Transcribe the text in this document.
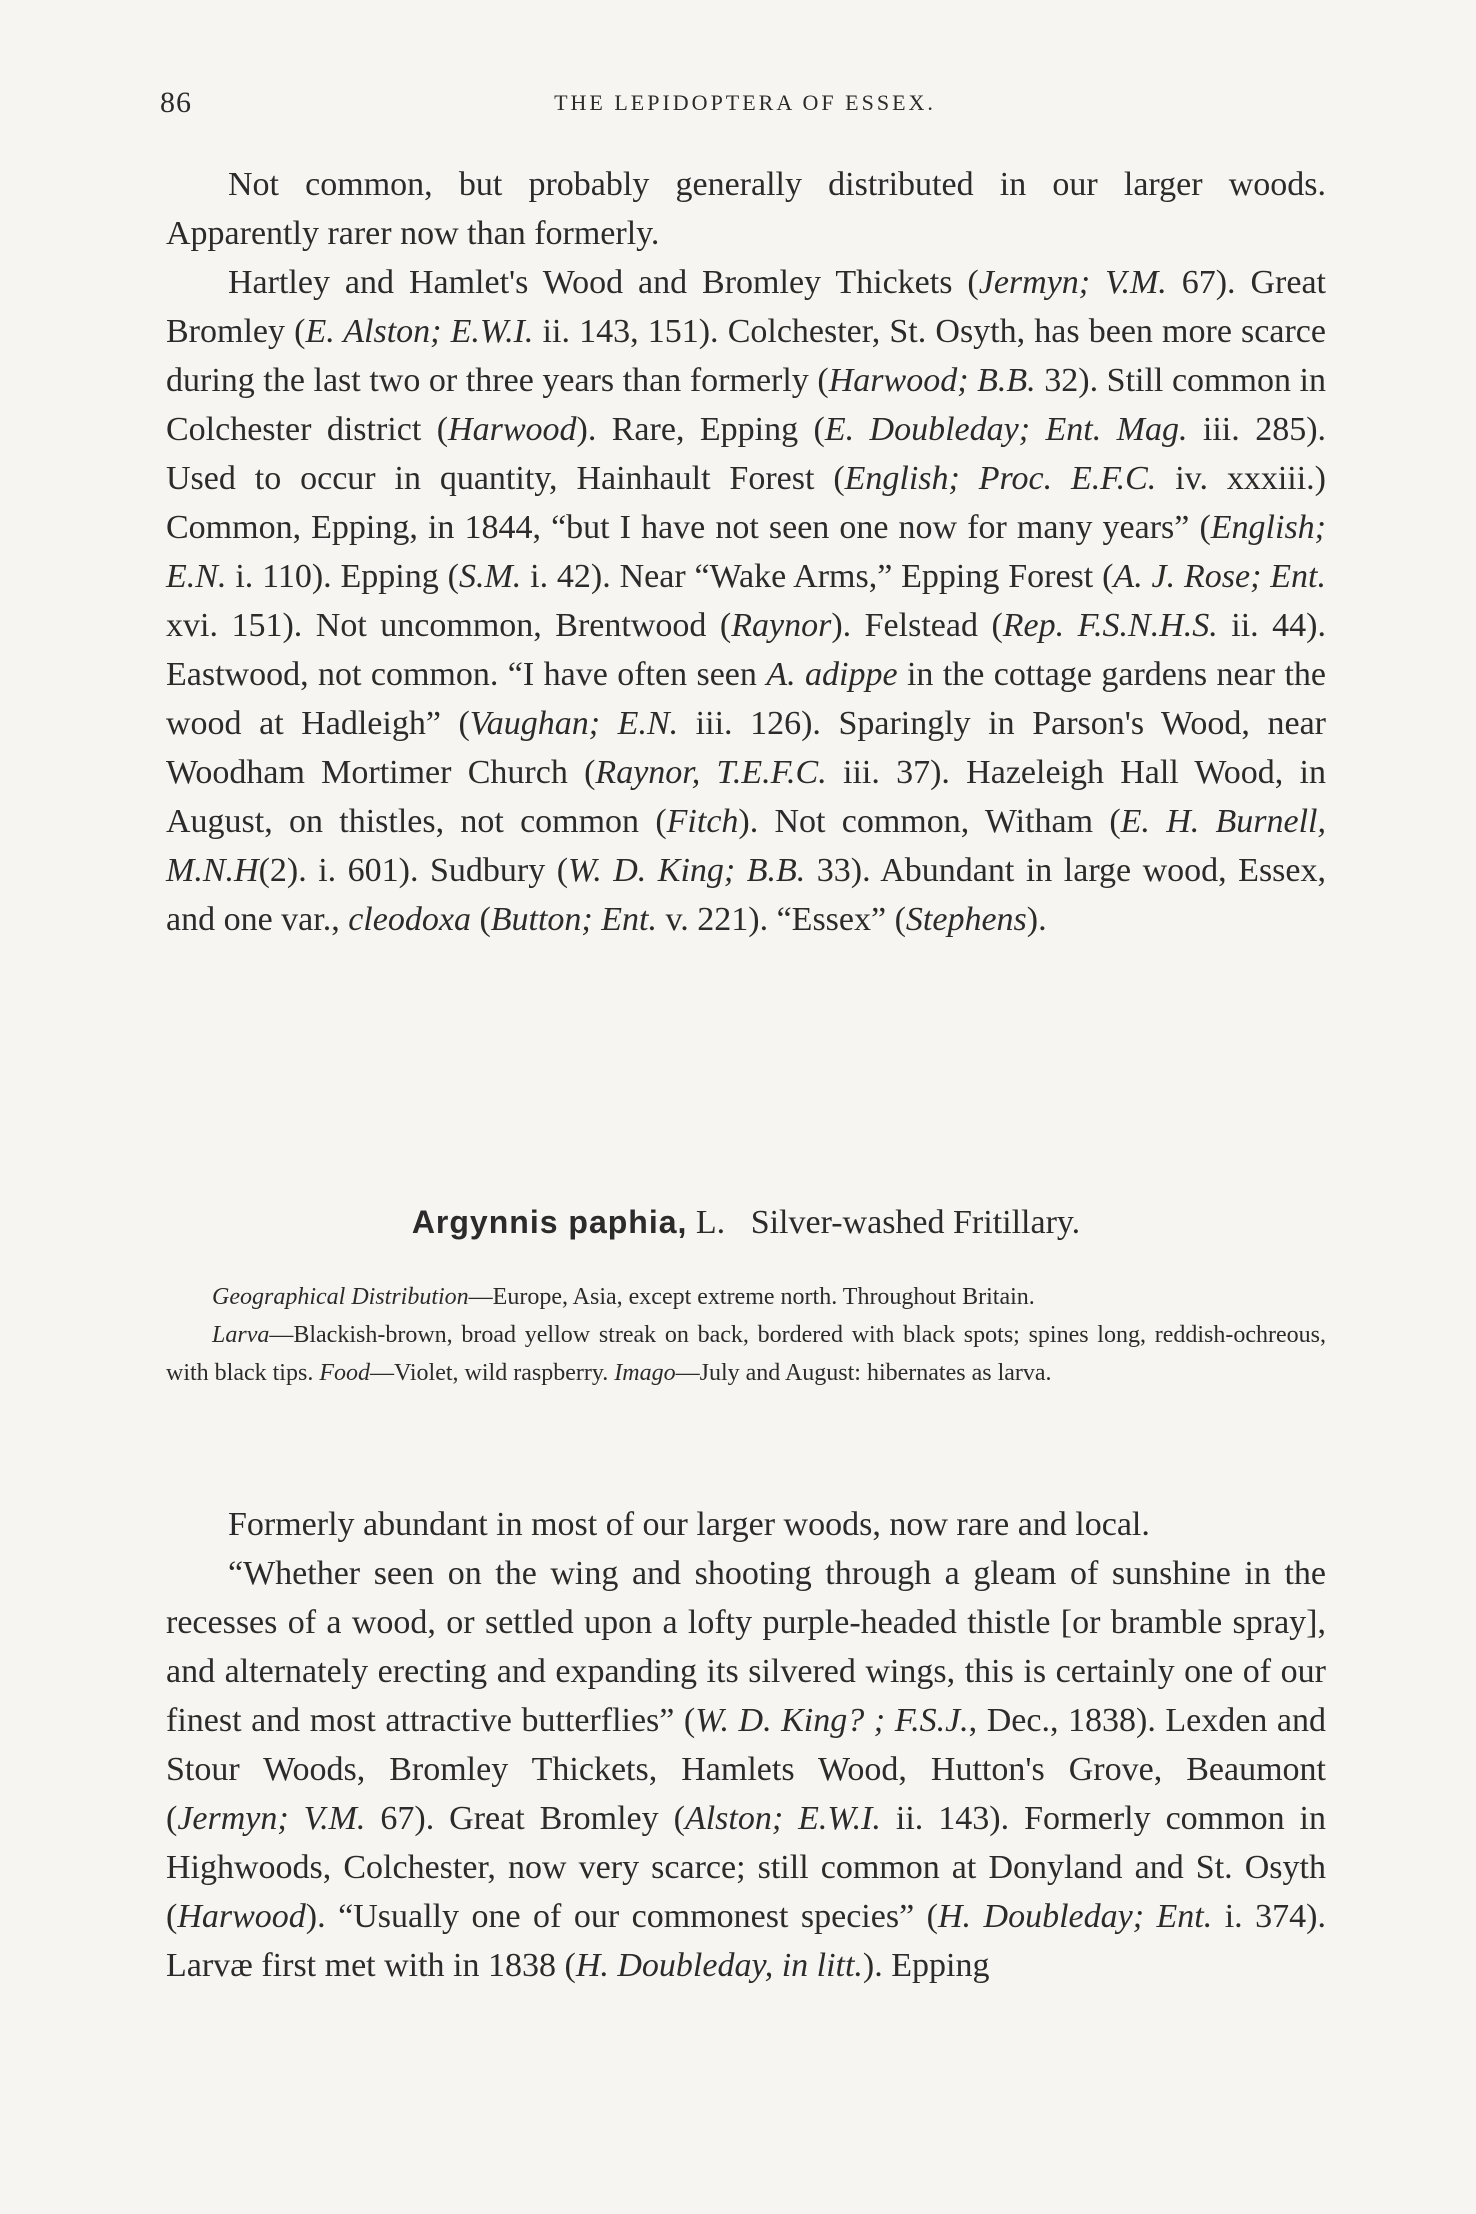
86	THE LEPIDOPTERA OF ESSEX.

Not common, but probably generally distributed in our larger woods. Apparently rarer now than formerly.

Hartley and Hamlet's Wood and Bromley Thickets (Jermyn; V.M. 67). Great Bromley (E. Alston; E.W.I. ii. 143, 151). Colchester, St. Osyth, has been more scarce during the last two or three years than formerly (Harwood; B.B. 32). Still common in Colchester district (Harwood). Rare, Epping (E. Doubleday; Ent. Mag. iii. 285). Used to occur in quantity, Hainhault Forest (English; Proc. E.F.C. iv. xxxiii.) Common, Epping, in 1844, “but I have not seen one now for many years” (English; E.N. i. 110). Epping (S.M. i. 42). Near “Wake Arms,” Epping Forest (A. J. Rose; Ent. xvi. 151). Not uncommon, Brentwood (Raynor). Felstead (Rep. F.S.N.H.S. ii. 44). Eastwood, not common. “I have often seen A. adippe in the cottage gardens near the wood at Hadleigh” (Vaughan; E.N. iii. 126). Sparingly in Parson's Wood, near Woodham Mortimer Church (Raynor, T.E.F.C. iii. 37). Hazeleigh Hall Wood, in August, on thistles, not common (Fitch). Not common, Witham (E. H. Burnell, M.N.H(2). i. 601). Sudbury (W. D. King; B.B. 33). Abundant in large wood, Essex, and one var., cleodoxa (Button; Ent. v. 221). “Essex” (Stephens).

Argynnis paphia, L. Silver-washed Fritillary.

Geographical Distribution—Europe, Asia, except extreme north. Throughout Britain.

Larva—Blackish-brown, broad yellow streak on back, bordered with black spots; spines long, reddish-ochreous, with black tips. Food—Violet, wild raspberry. Imago—July and August: hibernates as larva.

Formerly abundant in most of our larger woods, now rare and local.

“Whether seen on the wing and shooting through a gleam of sunshine in the recesses of a wood, or settled upon a lofty purple-headed thistle [or bramble spray], and alternately erecting and expanding its silvered wings, this is certainly one of our finest and most attractive butterflies” (W. D. King? ; F.S.J., Dec., 1838). Lexden and Stour Woods, Bromley Thickets, Hamlets Wood, Hutton's Grove, Beaumont (Jermyn; V.M. 67). Great Bromley (Alston; E.W.I. ii. 143). Formerly common in Highwoods, Colchester, now very scarce; still common at Donyland and St. Osyth (Harwood). “Usually one of our commonest species” (H. Doubleday; Ent. i. 374). Larvæ first met with in 1838 (H. Doubleday, in litt.). Epping
